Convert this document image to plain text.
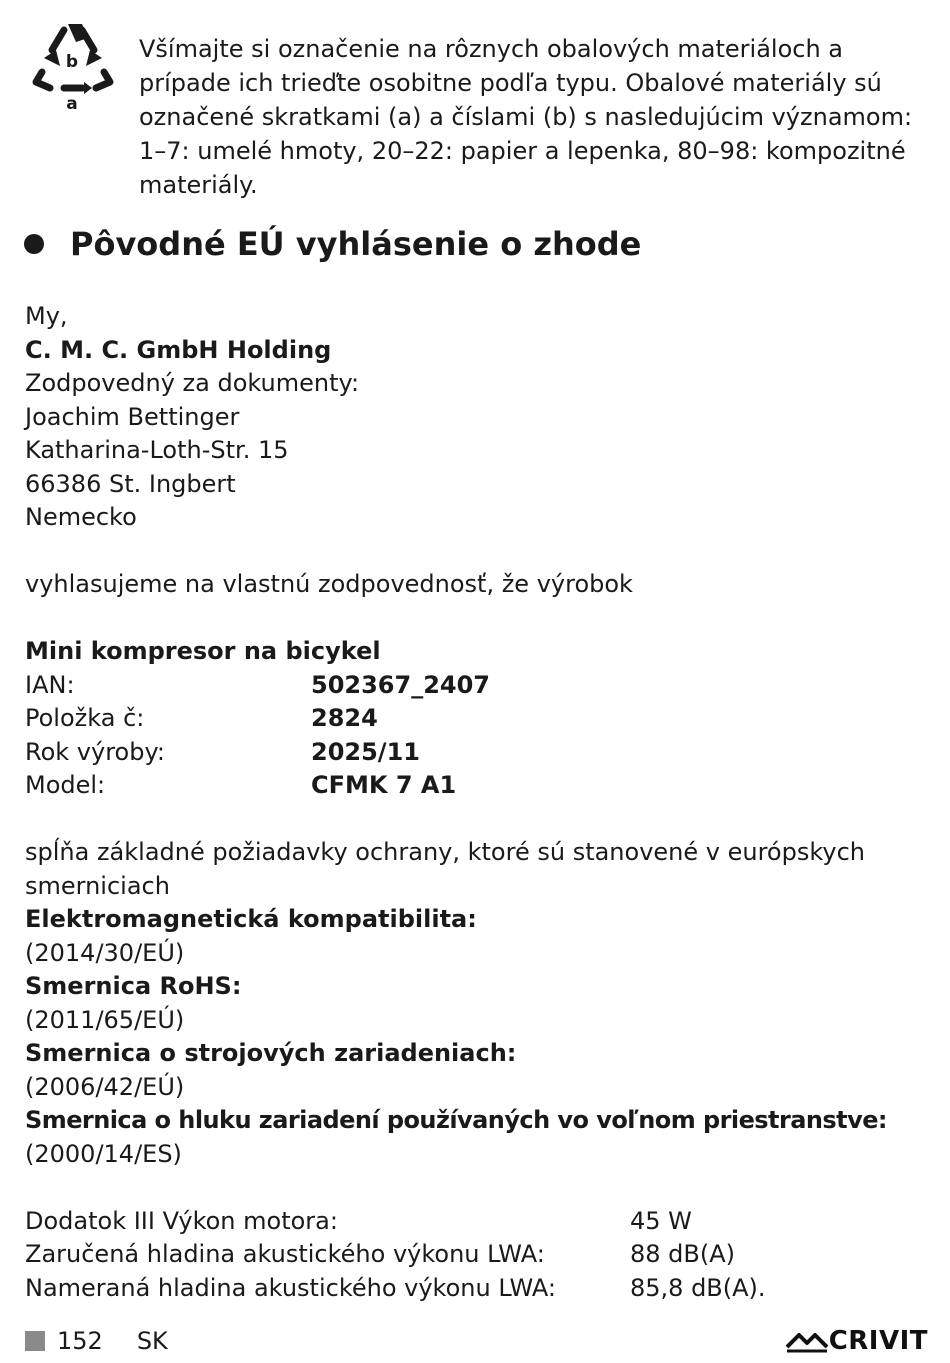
b
a

Všímajte si označenie na rôznych obalových materiáloch a prípade ich trieďte osobitne podľa typu. Obalové materiály sú označené skratkami (a) a číslami (b) s nasledujúcim významom: 1–7: umelé hmoty, 20–22: papier a lepenka, 80–98: kompozitné materiály.

Pôvodné EÚ vyhlásenie o zhode
My,
C. M. C. GmbH Holding
Zodpovedný za dokumenty:
Joachim Bettinger
Katharina-Loth-Str. 15
66386 St. Ingbert
Nemecko
vyhlasujeme na vlastnú zodpovednosť, že výrobok
Mini kompresor na bicykel
IAN:	502367_2407
Položka č:	2824
Rok výroby:	2025/11
Model:	CFMK 7 A1
spĺňa základné požiadavky ochrany, ktoré sú stanovené v európskych
smerniciach
Elektromagnetická kompatibilita:
(2014/30/EÚ)
Smernica RoHS:
(2011/65/EÚ)
Smernica o strojových zariadeniach:
(2006/42/EÚ)
Smernica o hluku zariadení používaných vo voľnom priestranstve:
(2000/14/ES)
Dodatok III Výkon motora:	45 W
Zaručená hladina akustického výkonu LWA:	88 dB(A)
Nameraná hladina akustického výkonu LWA:	85,8 dB(A).
152 SK	CRIVIT
